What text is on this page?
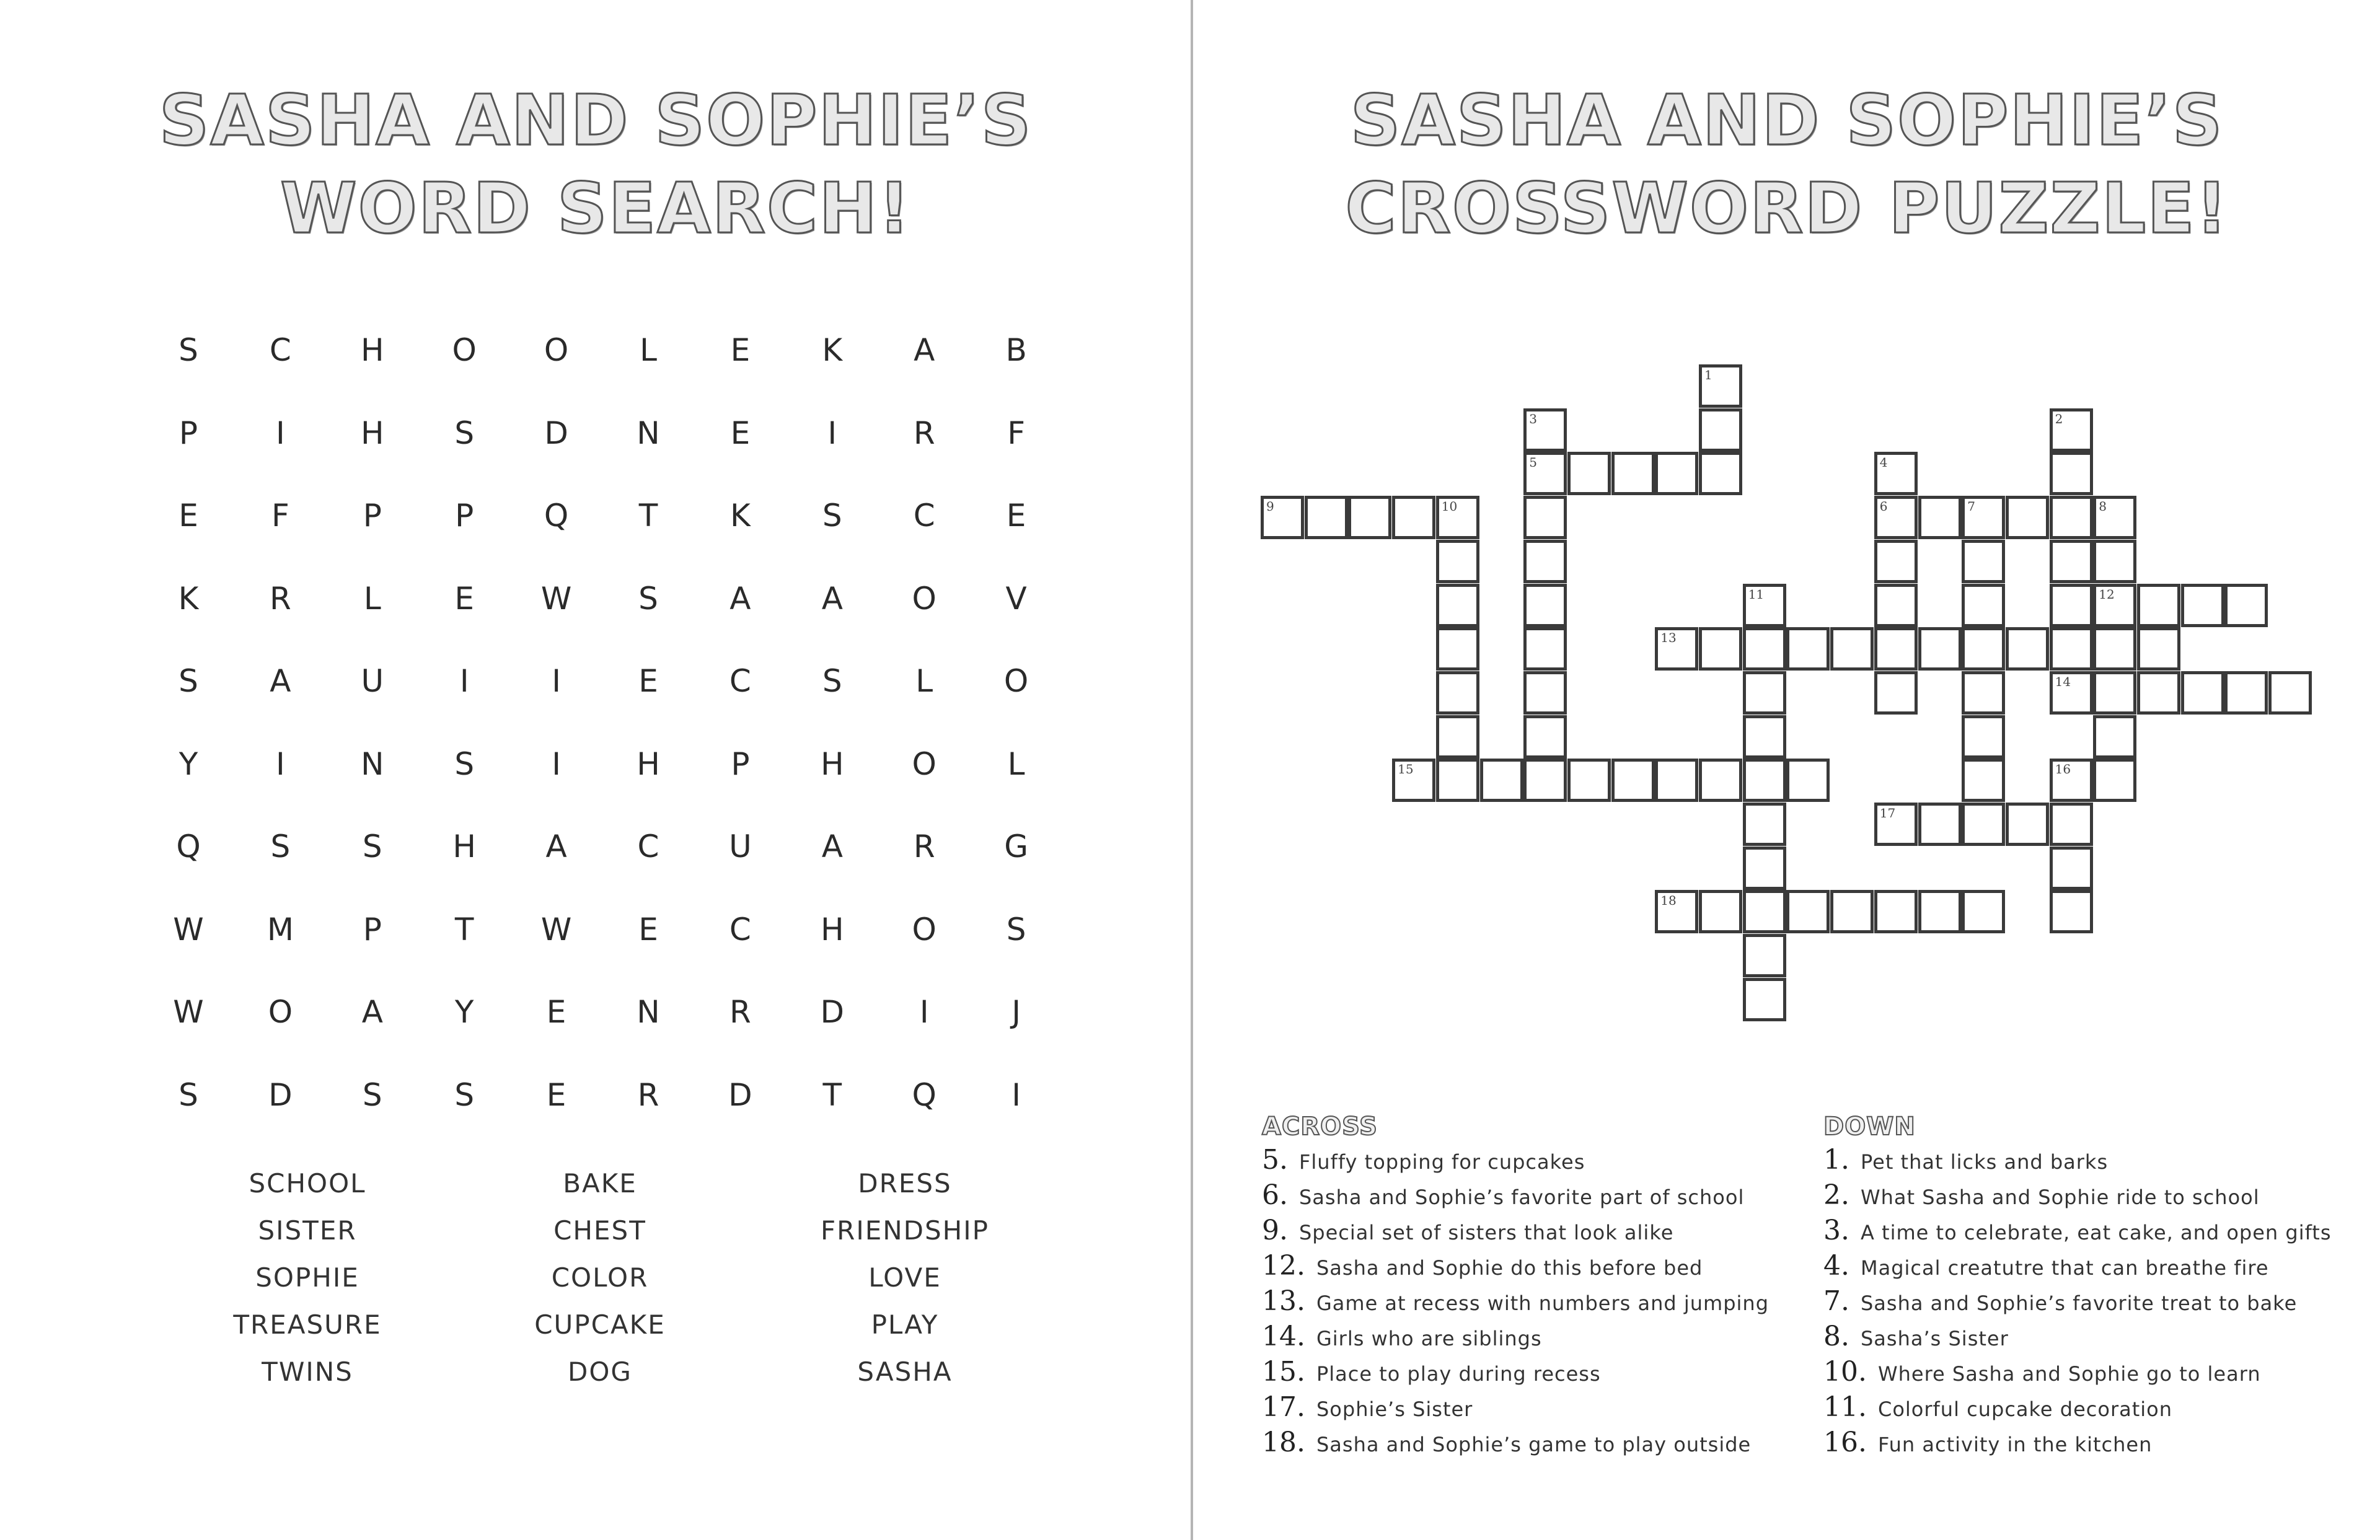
SASHA AND SOPHIE’S
WORD SEARCH!
S	C	H	O	O	L	E	K	A	B
P	I	H	S	D	N	E	I	R	F
E	F	P	P	Q	T	K	S	C	E
K	R	L	E	W	S	A	A	O	V
S	A	U	I	I	E	C	S	L	O
Y	I	N	S	I	H	P	H	O	L
Q	S	S	H	A	C	U	A	R	G
W	M	P	T	W	E	C	H	O	S
W	O	A	Y	E	N	R	D	I	J
S	D	S	S	E	R	D	T	Q	I
SCHOOL	BAKE	DRESS
SISTER	CHEST	FRIENDSHIP
SOPHIE	COLOR	LOVE
TREASURE	CUPCAKE	PLAY
TWINS	DOG	SASHA
SASHA AND SOPHIE’S
CROSSWORD PUZZLE!
1
3
5
2
4
6
9	10	7	8
12
11
13
14
15	16
17
18
ACROSS	DOWN
5. Fluffy topping for cupcakes
6. Sasha and Sophie’s favorite part of school
9. Special set of sisters that look alike
12. Sasha and Sophie do this before bed
13. Game at recess with numbers and jumping
14. Girls who are siblings
15. Place to play during recess
17. Sophie’s Sister
18. Sasha and Sophie’s game to play outside
1. Pet that licks and barks
2. What Sasha and Sophie ride to school
3. A time to celebrate, eat cake, and open gifts
4. Magical creatutre that can breathe fire
7. Sasha and Sophie’s favorite treat to bake
8. Sasha’s Sister
10. Where Sasha and Sophie go to learn
11. Colorful cupcake decoration
16. Fun activity in the kitchen
